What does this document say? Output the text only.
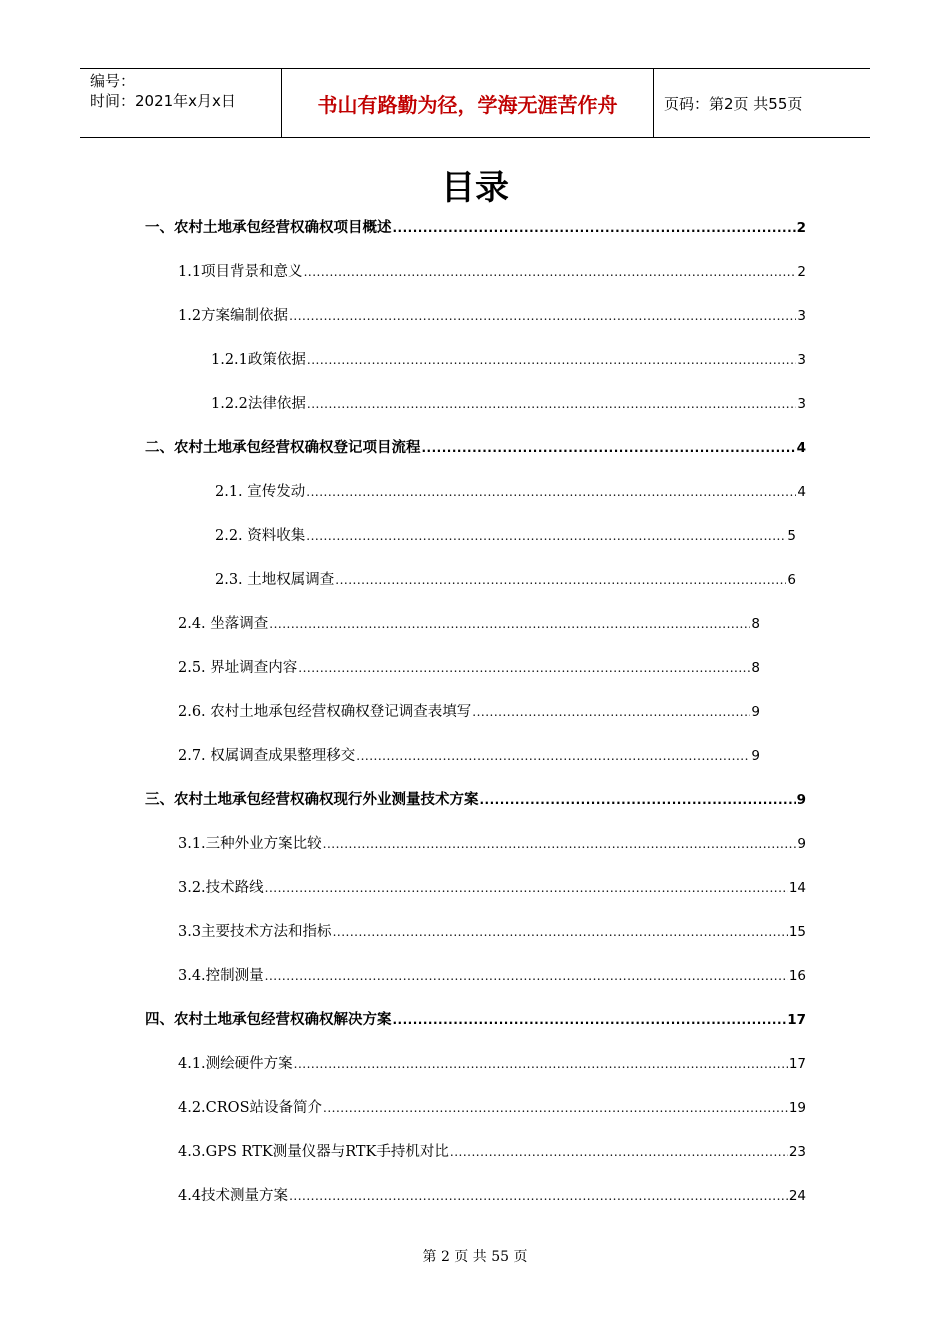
编号：
时间：2021年x月x日	书山有路勤为径，学海无涯苦作舟	页码：第2页 共55页
目录
一、农村土地承包经营权确权项目概述 .....	2
1.1项目背景和意义 .....	2
1.2方案编制依据 .....	3
1.2.1政策依据 .....	3
1.2.2法律依据 .....	3
二、农村土地承包经营权确权登记项目流程 .....	4
2.1. 宣传发动 .....	4
2.2. 资料收集 .....	5
2.3. 土地权属调查 .....	6
2.4. 坐落调查 .....	8
2.5. 界址调查内容 .....	8
2.6. 农村土地承包经营权确权登记调查表填写 .....	9
2.7. 权属调查成果整理移交 .....	9
三、农村土地承包经营权确权现行外业测量技术方案 .....	9
3.1.三种外业方案比较 .....	9
3.2.技术路线 .....	14
3.3主要技术方法和指标 .....	15
3.4.控制测量 .....	16
四、农村土地承包经营权确权解决方案 .....	17
4.1.测绘硬件方案 .....	17
4.2.CROS站设备简介 .....	19
4.3.GPS RTK测量仪器与RTK手持机对比 .....	23
4.4技术测量方案 .....	24
第 2 页 共 55 页
